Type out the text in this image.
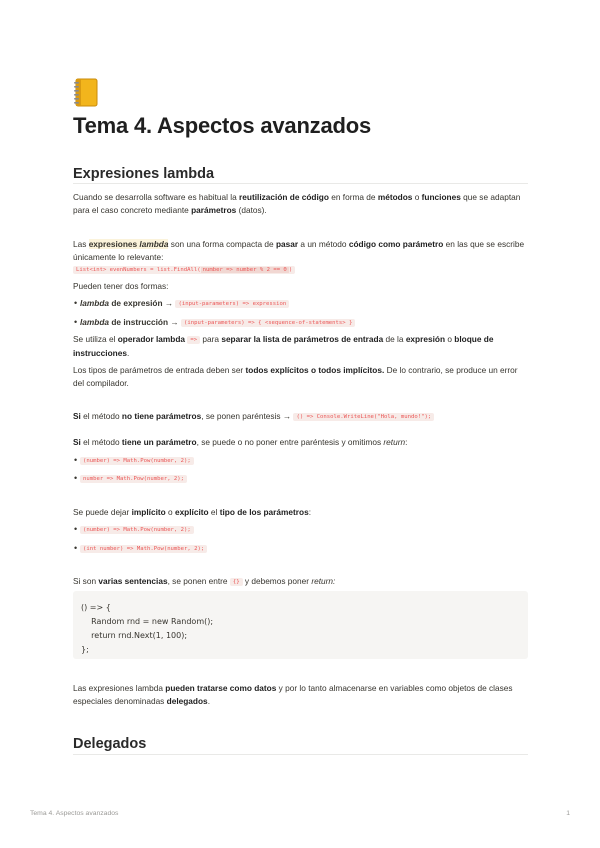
Tema 4. Aspectos avanzados
Expresiones lambda
Cuando se desarrolla software es habitual la reutilización de código en forma de métodos o funciones que se adaptan para el caso concreto mediante parámetros (datos).
Las expresiones lambda son una forma compacta de pasar a un método código como parámetro en las que se escribe únicamente lo relevante:
List<int> evenNumbers = list.FindAll( number => number % 2 == 0 )
Pueden tener dos formas:
• lambda de expresión → (input-parameters) => expression
• lambda de instrucción → (input-parameters) => { <sequence-of-statements> }
Se utiliza el operador lambda => para separar la lista de parámetros de entrada de la expresión o bloque de instrucciones.
Los tipos de parámetros de entrada deben ser todos explícitos o todos implícitos. De lo contrario, se produce un error del compilador.
Si el método no tiene parámetros, se ponen paréntesis → () => Console.WriteLine("Hola, mundo!");
Si el método tiene un parámetro, se puede o no poner entre paréntesis y omitimos return:
• (number) => Math.Pow(number, 2);
• number => Math.Pow(number, 2);
Se puede dejar implícito o explícito el tipo de los parámetros:
• (number) => Math.Pow(number, 2);
• (int number) => Math.Pow(number, 2);
Si son varias sentencias, se ponen entre {} y debemos poner return:
() => {
Random rnd = new Random();
return rnd.Next(1, 100);
};
Las expresiones lambda pueden tratarse como datos y por lo tanto almacenarse en variables como objetos de clases especiales denominadas delegados.
Delegados
Tema 4. Aspectos avanzados	1
